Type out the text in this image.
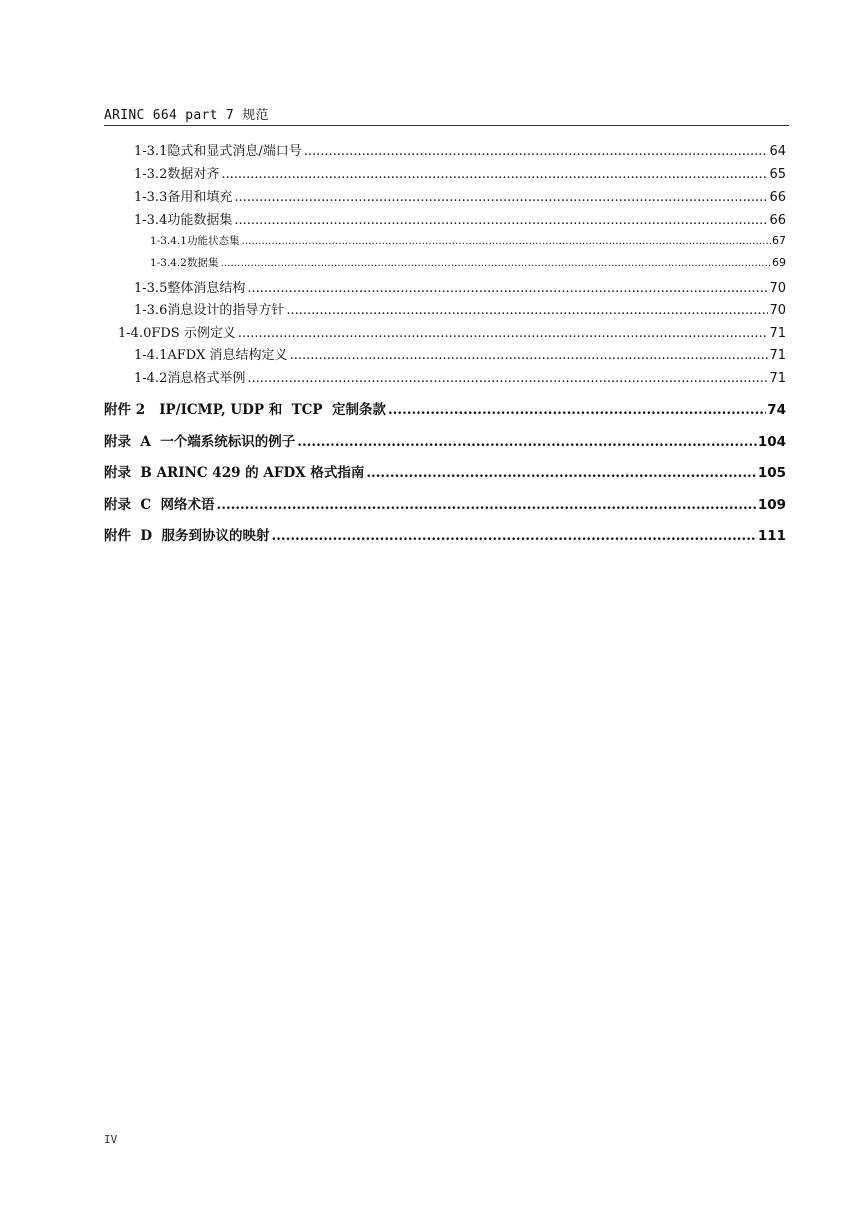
ARINC 664 part 7 规范
1-3.1 隐式和显式消息/端口号 .....	64
1-3.2 数据对齐 .....	65
1-3.3 备用和填充 .....	66
1-3.4 功能数据集 .....	66
1-3.4.1 功能状态集 .....	67
1-3.4.2 数据集 .....	69
1-3.5 整体消息结构 .....	70
1-3.6 消息设计的指导方针 .....	70
1-4.0 FDS 示例定义 .....	71
1-4.1 AFDX 消息结构定义 .....	71
1-4.2 消息格式举例 .....	71
附件 2   IP/ICMP, UDP 和  TCP  定制条款 .....	74
附录  A  一个端系统标识的例子 .....	104
附录  B ARINC 429 的 AFDX 格式指南 .....	105
附录  C  网络术语 .....	109
附件  D  服务到协议的映射 .....	111
IV
